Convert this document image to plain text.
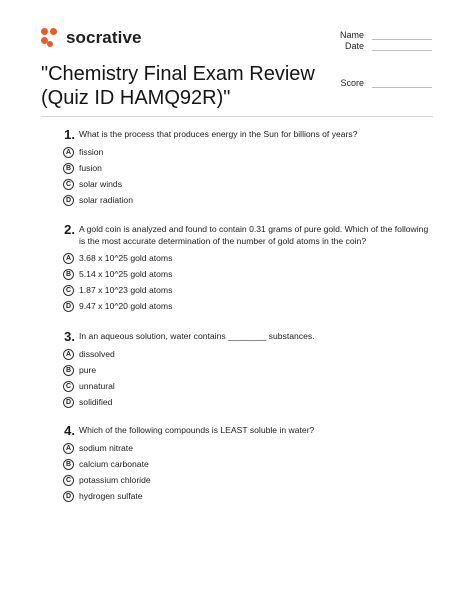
socrative	Name
Date
Score
"Chemistry Final Exam Review (Quiz ID HAMQ92R)"
1. What is the process that produces energy in the Sun for billions of years?
A fission
B fusion
C solar winds
D solar radiation
2. A gold coin is analyzed and found to contain 0.31 grams of pure gold. Which of the following is the most accurate determination of the number of gold atoms in the coin?
A 3.68 x 10^25 gold atoms
B 5.14 x 10^25 gold atoms
C 1.87 x 10^23 gold atoms
D 9.47 x 10^20 gold atoms
3. In an aqueous solution, water contains ________ substances.
A dissolved
B pure
C unnatural
D solidified
4. Which of the following compounds is LEAST soluble in water?
A sodium nitrate
B calcium carbonate
C potassium chloride
D hydrogen sulfate
